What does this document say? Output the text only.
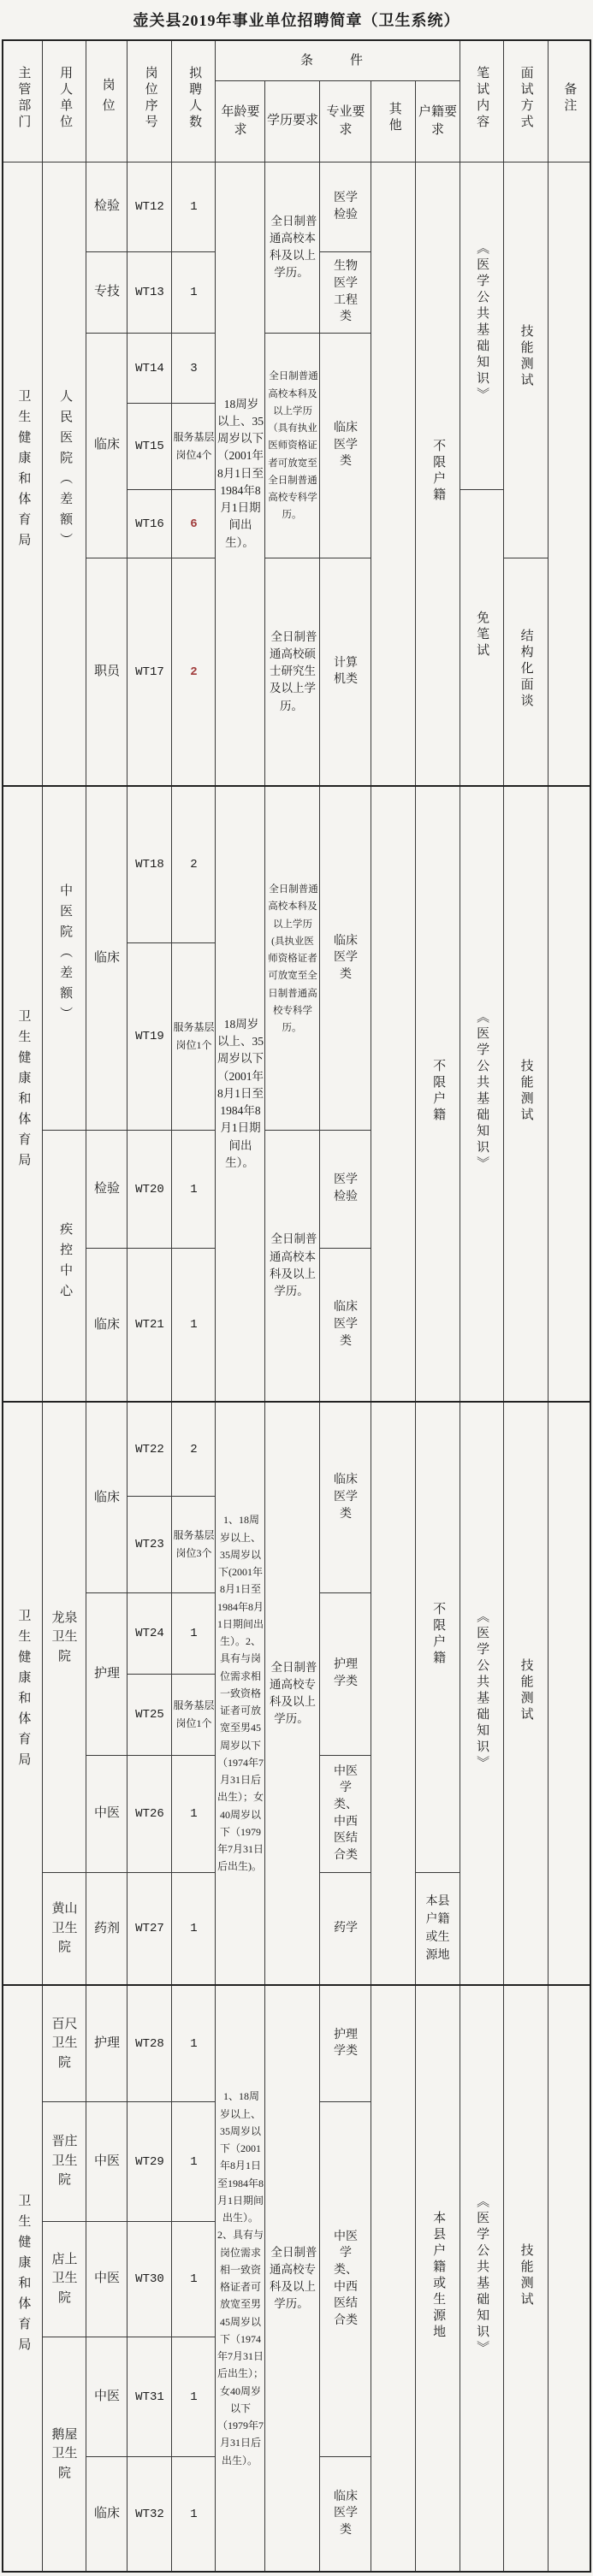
壶关县2019年事业单位招聘简章（卫生系统）
主管部门	用人单位	岗位	岗位序号	拟聘人数	条　件					笔试内容	面试方式	备注
					年龄要求	学历要求	专业要求	其他	户籍要求			
卫生健康和体育局	人民医院（差额）	检验	WT12	1	18周岁以上、35周岁以下（2001年8月1日至1984年8月1日期间出生）。	全日制普通高校本科及以上学历。	医学检验		不限户籍	《医学公共基础知识》	技能测试	
		专技	WT13	1			生物医学工程类					
		临床	WT14	3		全日制普通高校本科及以上学历（具有执业医师资格证者可放宽至全日制普通高校专科学历。	临床医学类					
			WT15	服务基层岗位4个								
			WT16	6						免笔试		
		职员	WT17	2		全日制普通高校硕士研究生及以上学历。	计算机类				结构化面谈	
卫生健康和体育局	中医院（差额）	临床	WT18	2	18周岁以上、35周岁以下（2001年8月1日至1984年8月1日期间出生）。	全日制普通高校本科及以上学历(具执业医师资格证者可放宽至全日制普通高校专科学历。	临床医学类		不限户籍	《医学公共基础知识》	技能测试	
			WT19	服务基层岗位1个								
	疾控中心	检验	WT20	1		全日制普通高校本科及以上学历。	医学检验					
		临床	WT21	1			临床医学类					
卫生健康和体育局	龙泉卫生院	临床	WT22	2	1、18周岁以上、35周岁以下(2001年8月1日至1984年8月1日期间出生）。2、具有与岗位需求相一致资格证者可放宽至男45周岁以下（1974年7月31日后出生）；女40周岁以下（1979年7月31日后出生)。	全日制普通高校专科及以上学历。	临床医学类		不限户籍	《医学公共基础知识》	技能测试	
			WT23	服务基层岗位3个								
		护理	WT24	1			护理学类					
			WT25	服务基层岗位1个								
		中医	WT26	1			中医学类、中西医结合类					
	黄山卫生院	药剂	WT27	1			药学		本县户籍或生源地			
卫生健康和体育局	百尺卫生院	护理	WT28	1	1、18周岁以上、35周岁以下（2001年8月1日至1984年8月1日期间出生）。2、具有与岗位需求相一致资格证者可放宽至男45周岁以下（1974年7月31日后出生）；女40周岁以下（1979年7月31日后出生）。	全日制普通高校专科及以上学历。	护理学类		本县户籍或生源地	《医学公共基础知识》	技能测试	
	晋庄卫生院	中医	WT29	1			中医学类、中西医结合类					
	店上卫生院	中医	WT30	1								
	鹅屋卫生院	中医	WT31	1								
		临床	WT32	1			临床医学类					
